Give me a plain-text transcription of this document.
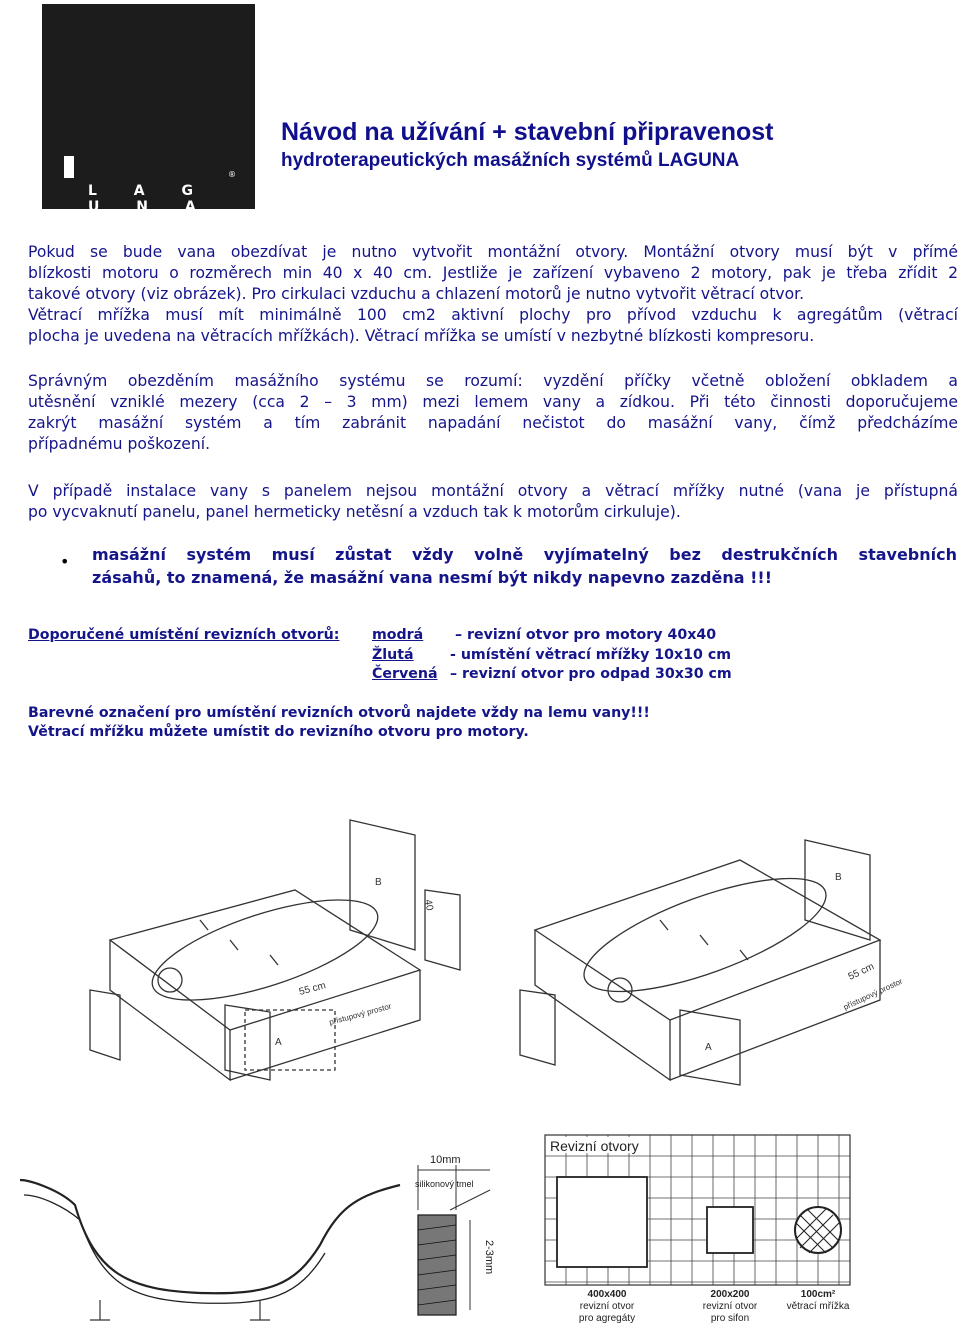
L A G U N A
®
Návod na užívání + stavební připravenost
hydroterapeutických masážních systémů LAGUNA
Pokud se bude vana obezdívat je nutno vytvořit montážní otvory. Montážní otvory musí být v přímé
blízkosti motoru o rozměrech min 40 x 40 cm. Jestliže je zařízení vybaveno 2 motory, pak je třeba zřídit 2
takové otvory (viz obrázek). Pro cirkulaci vzduchu a chlazení motorů je nutno vytvořit větrací otvor.
Větrací mřížka musí mít minimálně 100 cm2 aktivní plochy pro přívod vzduchu k agregátům (větrací
plocha je uvedena na větracích mřížkách). Větrací mřížka se umístí v nezbytné blízkosti kompresoru.
Správným obezděním masážního systému se rozumí: vyzdění příčky včetně obložení obkladem a
utěsnění vzniklé mezery (cca 2 – 3 mm) mezi lemem vany a zídkou. Při této činnosti doporučujeme
zakrýt masážní systém a tím zabránit napadání nečistot do masážní vany, čímž předcházíme
případnému poškození.
V případě instalace vany s panelem nejsou montážní otvory a větrací mřížky nutné (vana je přístupná
po vycvaknutí panelu, panel hermeticky netěsní a vzduch tak k motorům cirkuluje).
• masážní systém musí zůstat vždy volně vyjímatelný bez destrukčních stavebních
zásahů, to znamená, že masážní vana nesmí být nikdy napevno zazděna !!!
Doporučené umístění revizních otvorů: modrá – revizní otvor pro motory 40x40
Žlutá	- umístění větrací mřížky 10x10 cm
Červená – revizní otvor pro odpad 30x30 cm
Barevné označení pro umístění revizních otvorů najdete vždy na lemu vany!!!
Větrací mřížku můžete umístit do revizního otvoru pro motory.
A
B
40
55 cm
přístupový prostor
A
B
55 cm
přístupový prostor
10mm
silikonový tmel
2-3mm
Revizní otvory
400x400
revizní otvor
pro agregáty
200x200
revizní otvor
pro sifon
100cm²
větrací mřížka
